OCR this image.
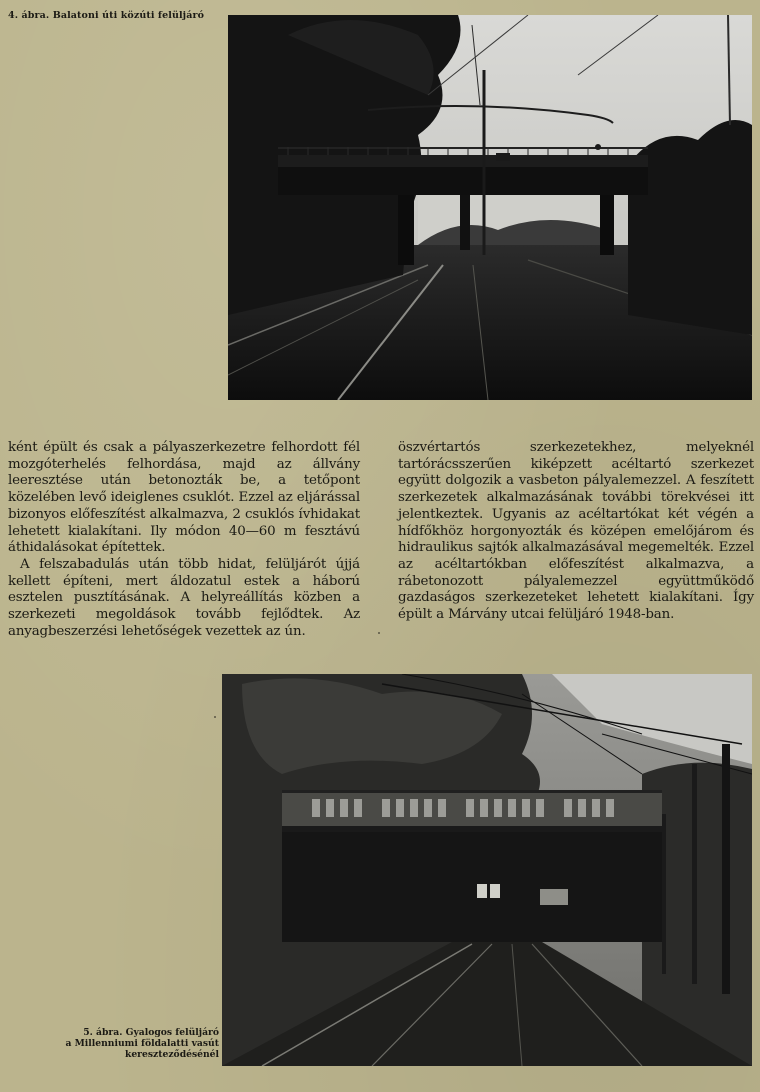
4. ábra. Balatoni úti közúti felüljáró

ként épült és csak a pályaszerkezetre felhordott fél mozgóterhelés felhordása, majd az állvány leeresztése után betonozták be, a tetőpont közelében levő ideiglenes csuklót. Ezzel az eljárással bizonyos előfeszítést alkalmazva, 2 csuklós ívhidakat lehetett kialakítani. Ily módon 40—60 m fesztávú áthidalásokat építettek.

A felszabadulás után több hidat, felüljárót újjá kellett építeni, mert áldozatul estek a háború esztelen pusztításának. A helyreállítás közben a szerkezeti megoldások tovább fejlődtek. Az anyagbeszerzési lehetőségek vezettek az ún.

öszvértartós szerkezetekhez, melyeknél tartórácsszerűen kiképzett acéltartó szerkezet együtt dolgozik a vasbeton pályalemezzel. A feszített szerkezetek alkalmazásának további törekvései itt jelentkeztek. Ugyanis az acéltartókat két végén a hídfőkhöz horgonyozták és középen emelőjárom és hidraulikus sajtók alkalmazásával megemelték. Ezzel az acéltartókban előfeszítést alkalmazva, a rábetonozott pályalemezzel együttműködő gazdaságos szerkezeteket lehetett kialakítani. Így épült a Márvány utcai felüljáró 1948-ban.

5. ábra. Gyalogos felüljáró
a Millenniumi földalatti vasút
kereszteződésénél
